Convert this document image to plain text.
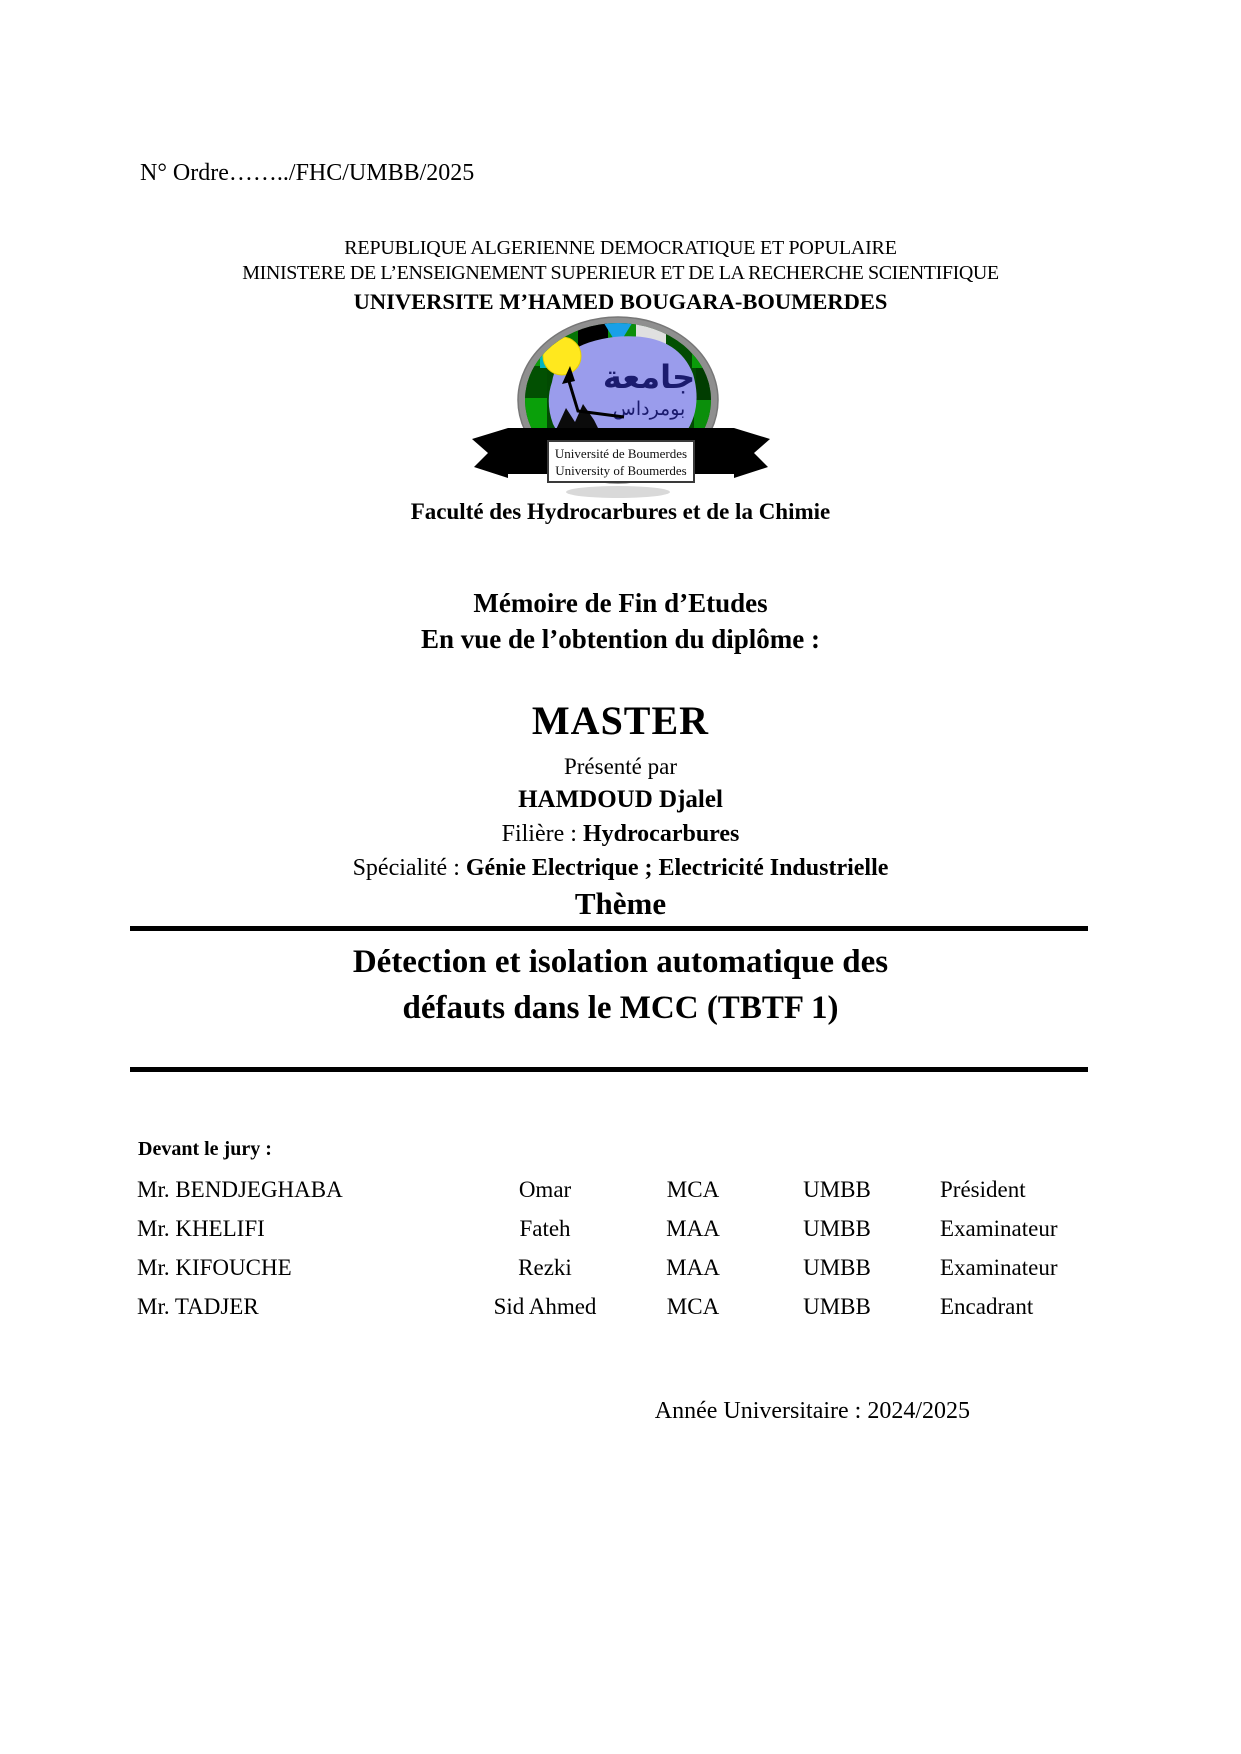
N° Ordre……../FHC/UMBB/2025
REPUBLIQUE ALGERIENNE DEMOCRATIQUE ET POPULAIRE
MINISTERE DE L’ENSEIGNEMENT SUPERIEUR ET DE LA RECHERCHE SCIENTIFIQUE
UNIVERSITE M’HAMED BOUGARA-BOUMERDES
جامعة
بومرداس
Université de Boumerdes
University of Boumerdes
Faculté des Hydrocarbures et de la Chimie
Mémoire de Fin d’Etudes
En vue de l’obtention du diplôme :
MASTER
Présenté par
HAMDOUD Djalel
Filière : Hydrocarbures
Spécialité : Génie Electrique ; Electricité Industrielle
Thème
Détection et isolation automatique des
défauts dans le MCC (TBTF 1)
Devant le jury :
Mr. BENDJEGHABA	Omar	MCA	UMBB	Président
Mr. KHELIFI	Fateh	MAA	UMBB	Examinateur
Mr. KIFOUCHE	Rezki	MAA	UMBB	Examinateur
Mr. TADJER	Sid Ahmed	MCA	UMBB	Encadrant
Année Universitaire : 2024/2025
